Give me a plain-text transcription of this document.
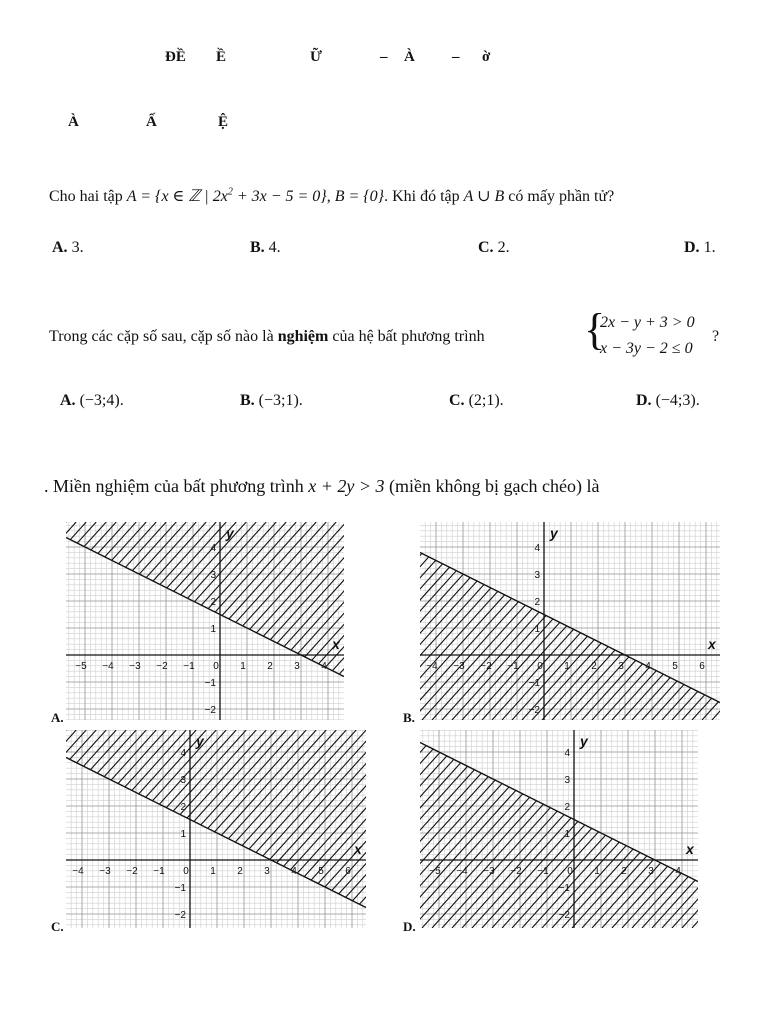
ĐỀ Ề	Ữ	– À – ờ
À	Ấ	Ệ
Cho hai tập A = {x ∈ ℤ | $2x^2 + 3x - 5 = 0$}, B = {0}. Khi đó tập A ∪ B có mấy phần tử?
A. 3.	B. 4.	C. 2.	D. 1.
Trong các cặp số sau, cặp số nào là nghiệm của hệ bất phương trình {
2x − y + 3 > 0
x − 3y − 2 ≤ 0
?
A. (−3;4).	B. (−3;1).	C. (2;1).	D. (−4;3).
. Miền nghiệm của bất phương trình x + 2y > 3 (miền không bị gạch chéo) là
A.	B.
C.	D.
−5 −4 −3 −2 −1 0 1 2 3 4
4
3
2
1
−1
−2
x
y
−4 −3 −2 −1 0 1 2 3 4 5 6
4
3
2
1
−1
−2
x
y
−4 −3 −2 −1 0 1 2 3 4 5 6
4
3
2
1
−1
−2
x
y
−5 −4 −3 −2 −1 0 1 2 3 4
4
3
2
1
−1
−2
x
y
